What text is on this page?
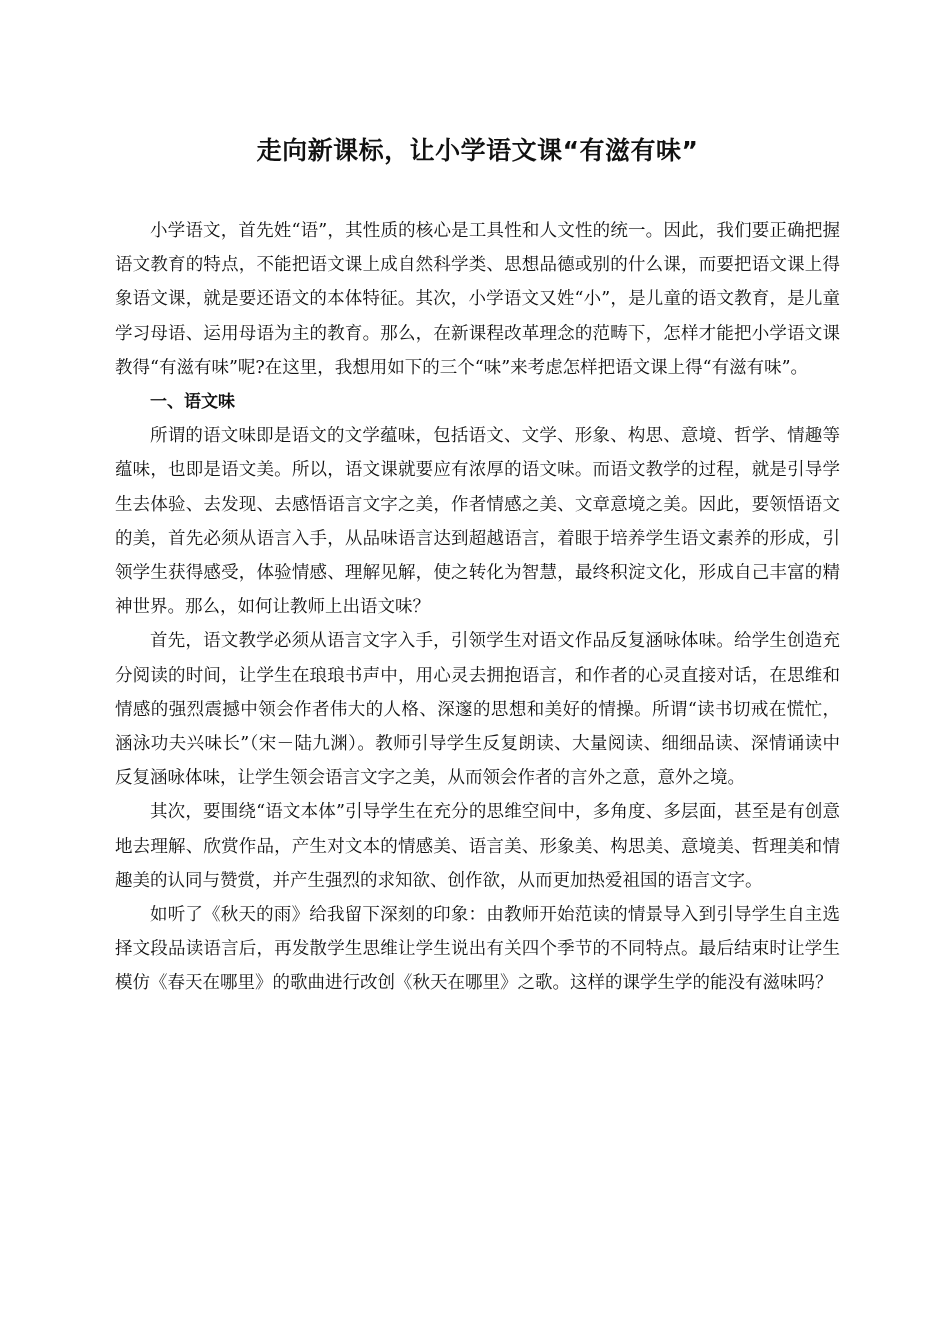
走向新课标，让小学语文课“有滋有味”

小学语文，首先姓“语”，其性质的核心是工具性和人文性的统一。因此，我们要正确把握语文教育的特点，不能把语文课上成自然科学类、思想品德或别的什么课，而要把语文课上得象语文课，就是要还语文的本体特征。其次，小学语文又姓“小”，是儿童的语文教育，是儿童学习母语、运用母语为主的教育。那么，在新课程改革理念的范畴下，怎样才能把小学语文课教得“有滋有味”呢?在这里，我想用如下的三个“味”来考虑怎样把语文课上得“有滋有味”。

一、语文味

所谓的语文味即是语文的文学蕴味，包括语文、文学、形象、构思、意境、哲学、情趣等蕴味，也即是语文美。所以，语文课就要应有浓厚的语文味。而语文教学的过程，就是引导学生去体验、去发现、去感悟语言文字之美，作者情感之美、文章意境之美。因此，要领悟语文的美，首先必须从语言入手，从品味语言达到超越语言，着眼于培养学生语文素养的形成，引领学生获得感受，体验情感、理解见解，使之转化为智慧，最终积淀文化，形成自己丰富的精神世界。那么，如何让教师上出语文味？

首先，语文教学必须从语言文字入手，引领学生对语文作品反复涵咏体味。给学生创造充分阅读的时间，让学生在琅琅书声中，用心灵去拥抱语言，和作者的心灵直接对话，在思维和情感的强烈震撼中领会作者伟大的人格、深邃的思想和美好的情操。所谓“读书切戒在慌忙，涵泳功夫兴味长”（宋－陆九渊）。教师引导学生反复朗读、大量阅读、细细品读、深情诵读中反复涵咏体味，让学生领会语言文字之美，从而领会作者的言外之意，意外之境。

其次，要围绕“语文本体”引导学生在充分的思维空间中，多角度、多层面，甚至是有创意地去理解、欣赏作品，产生对文本的情感美、语言美、形象美、构思美、意境美、哲理美和情趣美的认同与赞赏，并产生强烈的求知欲、创作欲，从而更加热爱祖国的语言文字。

如听了《秋天的雨》给我留下深刻的印象：由教师开始范读的情景导入到引导学生自主选择文段品读语言后，再发散学生思维让学生说出有关四个季节的不同特点。最后结束时让学生模仿《春天在哪里》的歌曲进行改创《秋天在哪里》之歌。这样的课学生学的能没有滋味吗？
